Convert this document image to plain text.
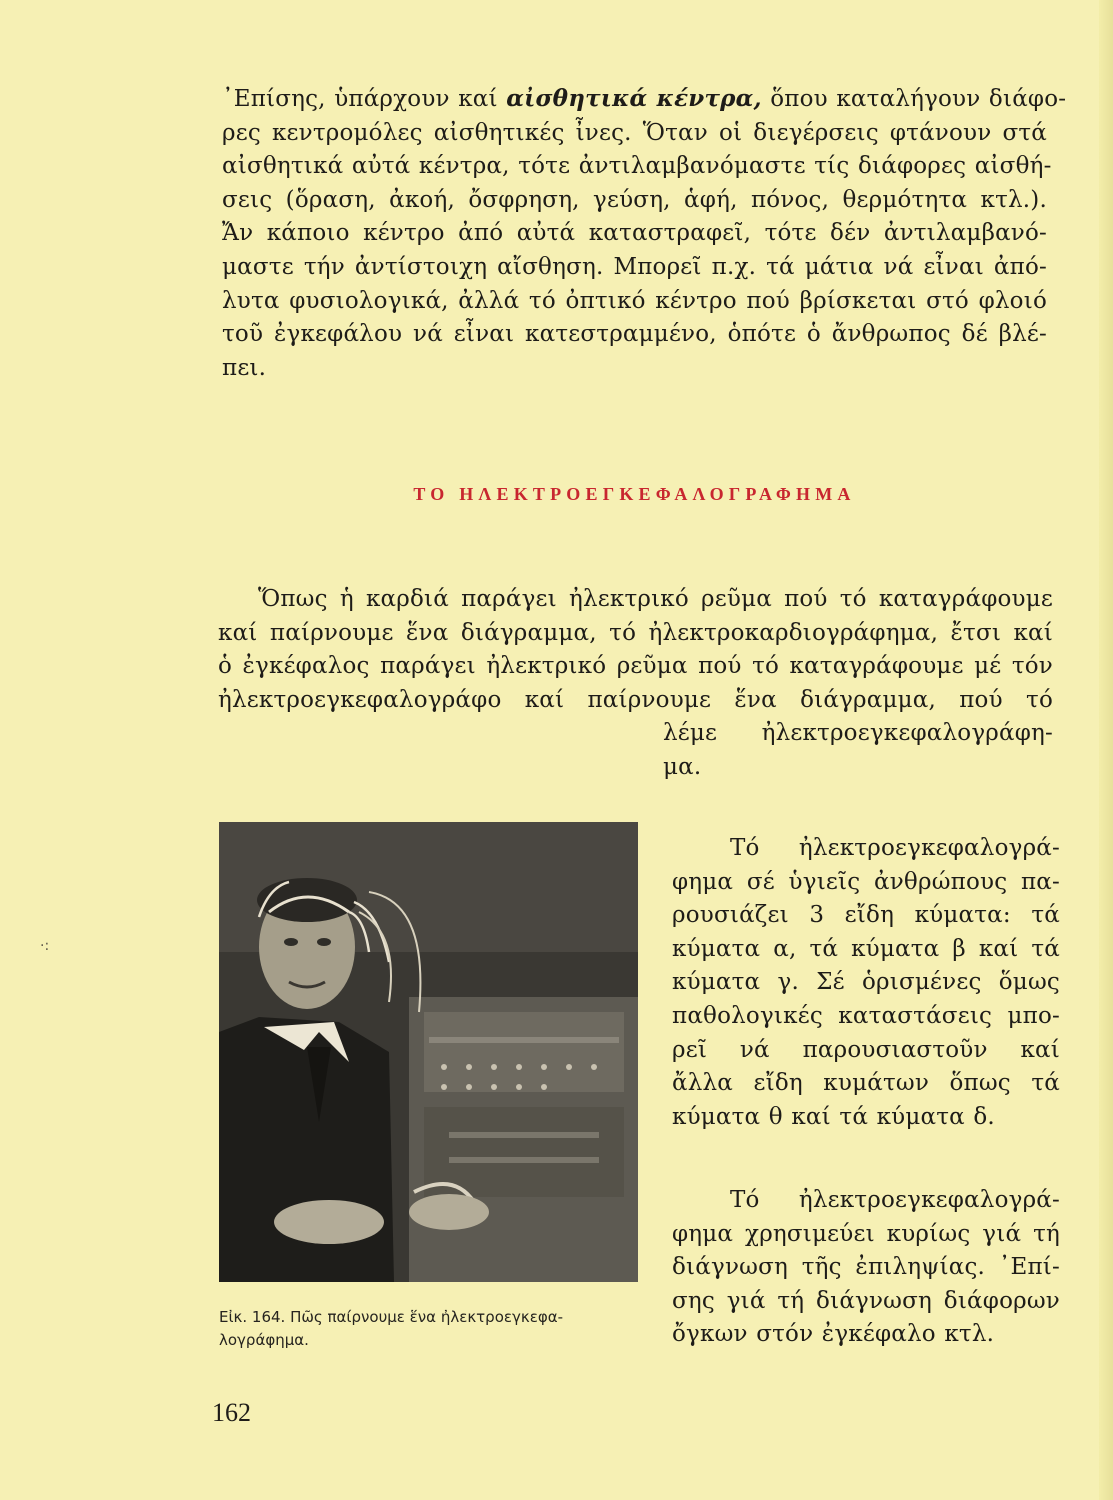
·:

᾿Επίσης, ὑπάρχουν καί αἰσθητικά κέντρα, ὅπου καταλήγουν διάφο-
ρες κεντρομόλες αἰσθητικές ἶνες. Ὅταν οἱ διεγέρσεις φτάνουν στά
αἰσθητικά αὐτά κέντρα, τότε ἀντιλαμβανόμαστε τίς διάφορες αἰσθή-
σεις (ὅραση, ἀκοή, ὄσφρηση, γεύση, ἁφή, πόνος, θερμότητα κτλ.).
Ἄν κάποιο κέντρο ἀπό αὐτά καταστραφεῖ, τότε δέν ἀντιλαμβανό-
μαστε τήν ἀντίστοιχη αἴσθηση. Μπορεῖ π.χ. τά μάτια νά εἶναι ἀπό-
λυτα φυσιολογικά, ἀλλά τό ὀπτικό κέντρο πού βρίσκεται στό φλοιό
τοῦ ἐγκεφάλου νά εἶναι κατεστραμμένο, ὁπότε ὁ ἄνθρωπος δέ βλέ-
πει.

ΤΟ ΗΛΕΚΤΡΟΕΓΚΕΦΑΛΟΓΡΑΦΗΜΑ

Ὅπως ἡ καρδιά παράγει ἠλεκτρικό ρεῦμα πού τό καταγράφουμε
καί παίρνουμε ἕνα διάγραμμα, τό ἠλεκτροκαρδιογράφημα, ἔτσι καί
ὁ ἐγκέφαλος παράγει ἠλεκτρικό ρεῦμα πού τό καταγράφουμε μέ τόν
ἠλεκτροεγκεφαλογράφο καί παίρνουμε ἕνα διάγραμμα, πού τό
λέμε ἠλεκτροεγκεφαλογράφη-
μα.

Εἰκ. 164. Πῶς παίρνουμε ἕνα ἠλεκτροεγκεφα-
λογράφημα.

Τό ἠλεκτροεγκεφαλογρά-
φημα σέ ὑγιεῖς ἀνθρώπους πα-
ρουσιάζει 3 εἴδη κύματα: τά
κύματα α, τά κύματα β καί τά
κύματα γ. Σέ ὁρισμένες ὅμως
παθολογικές καταστάσεις μπο-
ρεῖ νά παρουσιαστοῦν καί
ἄλλα εἴδη κυμάτων ὅπως τά
κύματα θ καί τά κύματα δ.

Τό ἠλεκτροεγκεφαλογρά-
φημα χρησιμεύει κυρίως γιά τή
διάγνωση τῆς ἐπιληψίας. ᾿Επί-
σης γιά τή διάγνωση διάφορων
ὄγκων στόν ἐγκέφαλο κτλ.

162
